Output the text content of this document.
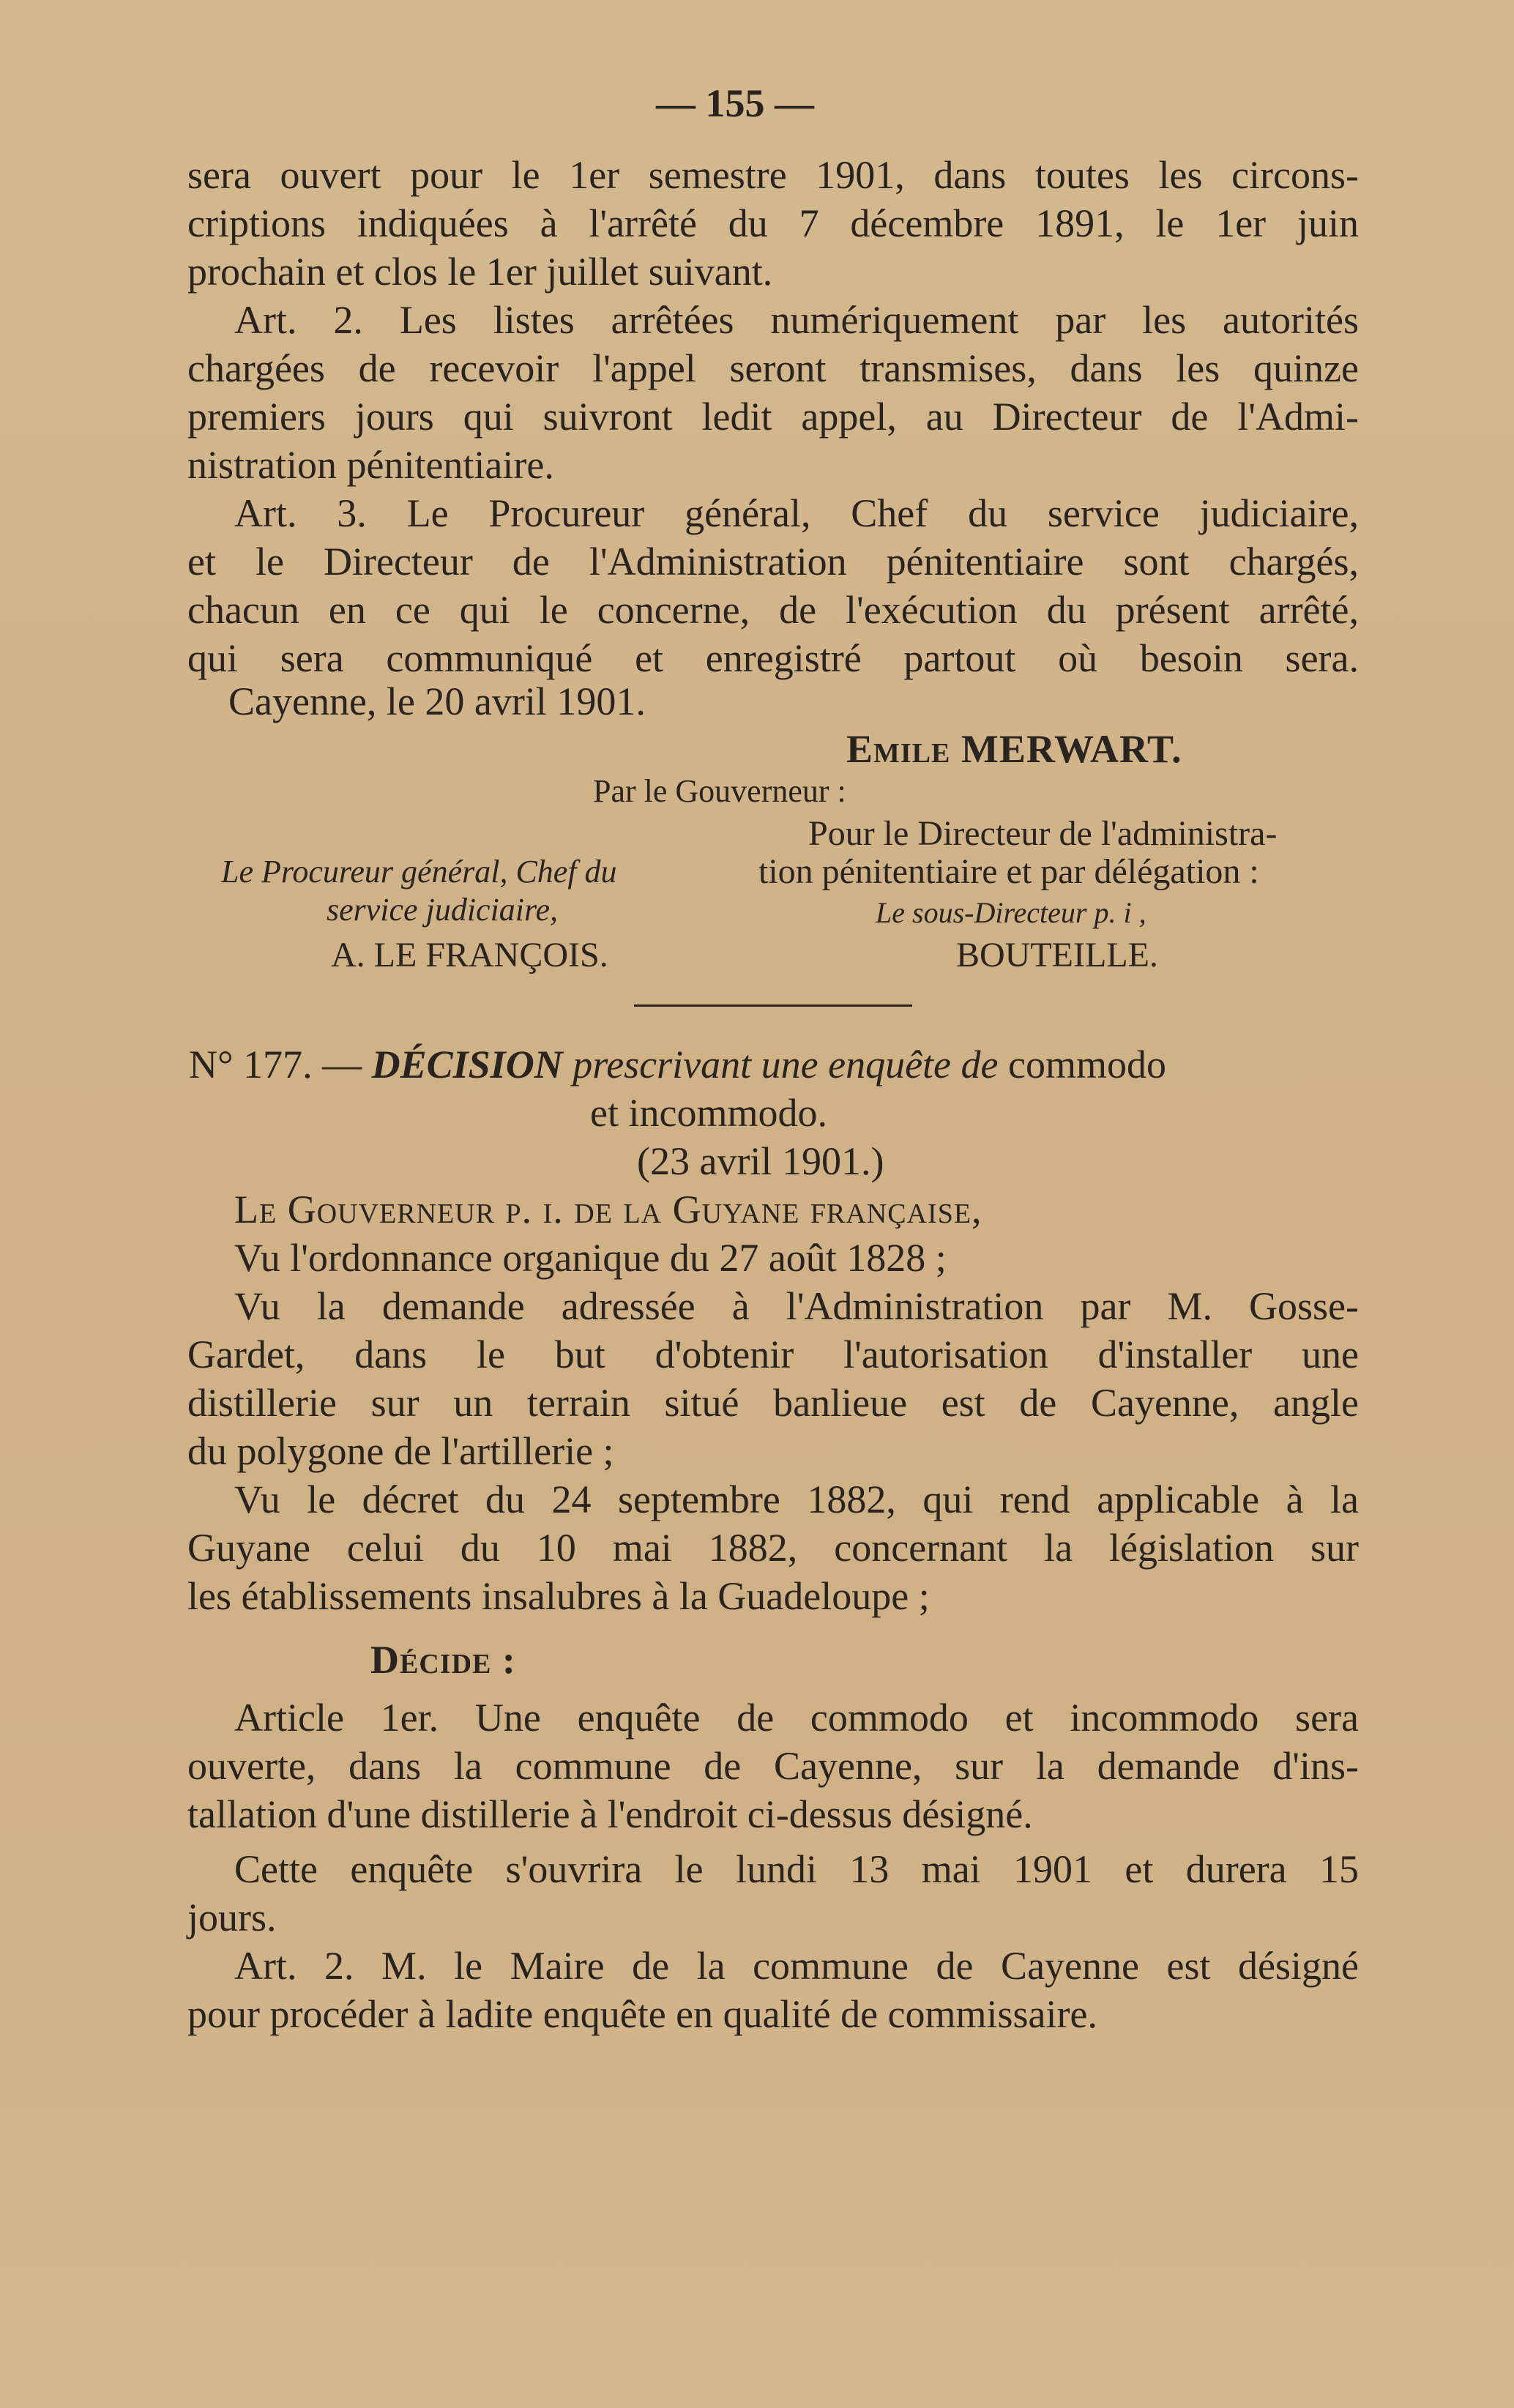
— 155 —

sera ouvert pour le 1er semestre 1901, dans toutes les circons-

criptions indiquées à l'arrêté du 7 décembre 1891, le 1er juin

prochain et clos le 1er juillet suivant.

Art. 2. Les listes arrêtées numériquement par les autorités

chargées de recevoir l'appel seront transmises, dans les quinze

premiers jours qui suivront ledit appel, au Directeur de l'Admi-

nistration pénitentiaire.

Art. 3. Le Procureur général, Chef du service judiciaire,

et le Directeur de l'Administration pénitentiaire sont chargés,

chacun en ce qui le concerne, de l'exécution du présent arrêté,

qui sera communiqué et enregistré partout où besoin sera.

Cayenne, le 20 avril 1901.
Emile MERWART.
Par le Gouverneur :
Pour le Directeur de l'administra-
Le Procureur général, Chef du	tion pénitentiaire et par délégation :
service judiciaire,	Le sous-Directeur p. i ,
A. LE FRANÇOIS.	BOUTEILLE.
N° 177. — DÉCISION prescrivant une enquête de commodo
et incommodo.
(23 avril 1901.)

Le Gouverneur p. i. de la Guyane française,

Vu l'ordonnance organique du 27 août 1828 ;

Vu la demande adressée à l'Administration par M. Gosse-

Gardet, dans le but d'obtenir l'autorisation d'installer une

distillerie sur un terrain situé banlieue est de Cayenne, angle

du polygone de l'artillerie ;

Vu le décret du 24 septembre 1882, qui rend applicable à la

Guyane celui du 10 mai 1882, concernant la législation sur

les établissements insalubres à la Guadeloupe ;

Décide :

Article 1er. Une enquête de commodo et incommodo sera

ouverte, dans la commune de Cayenne, sur la demande d'ins-

tallation d'une distillerie à l'endroit ci-dessus désigné.

Cette enquête s'ouvrira le lundi 13 mai 1901 et durera 15

jours.

Art. 2. M. le Maire de la commune de Cayenne est désigné

pour procéder à ladite enquête en qualité de commissaire.
